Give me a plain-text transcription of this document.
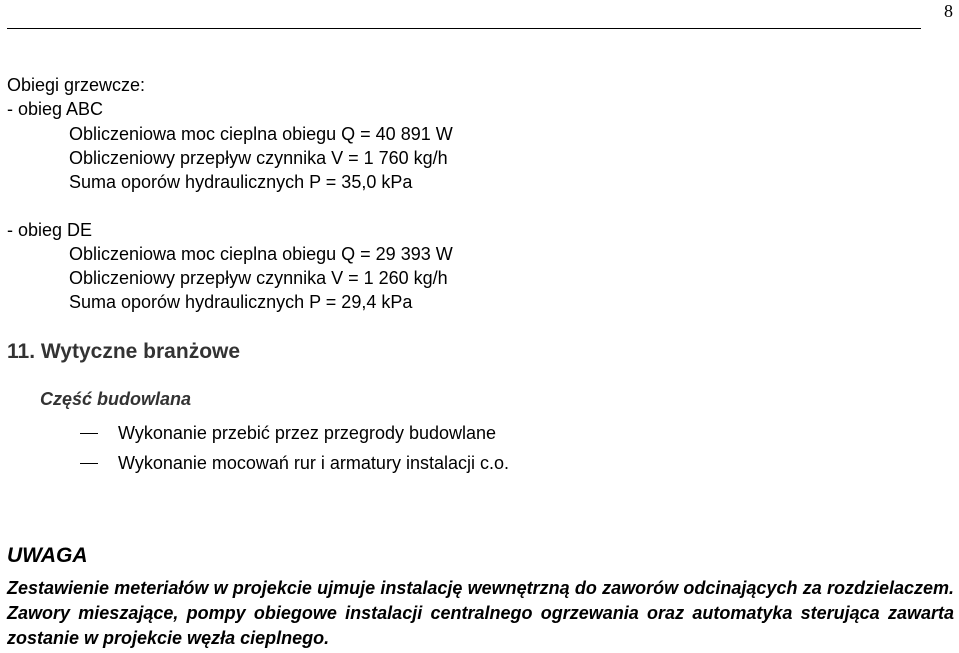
8
Obiegi grzewcze:
- obieg ABC
Obliczeniowa moc cieplna obiegu Q = 40 891 W
Obliczeniowy przepływ czynnika V = 1 760 kg/h
Suma oporów hydraulicznych P = 35,0 kPa
- obieg DE
Obliczeniowa moc cieplna obiegu Q = 29 393 W
Obliczeniowy przepływ czynnika V = 1 260 kg/h
Suma oporów hydraulicznych P = 29,4 kPa
11. Wytyczne branżowe
Część budowlana
Wykonanie przebić przez przegrody budowlane
Wykonanie mocowań rur i armatury instalacji c.o.
UWAGA
Zestawienie meteriałów w projekcie ujmuje instalację wewnętrzną do zaworów odcinających za rozdzielaczem. Zawory mieszające, pompy obiegowe instalacji centralnego ogrzewania oraz automatyka sterująca zawarta zostanie w projekcie węzła cieplnego.
